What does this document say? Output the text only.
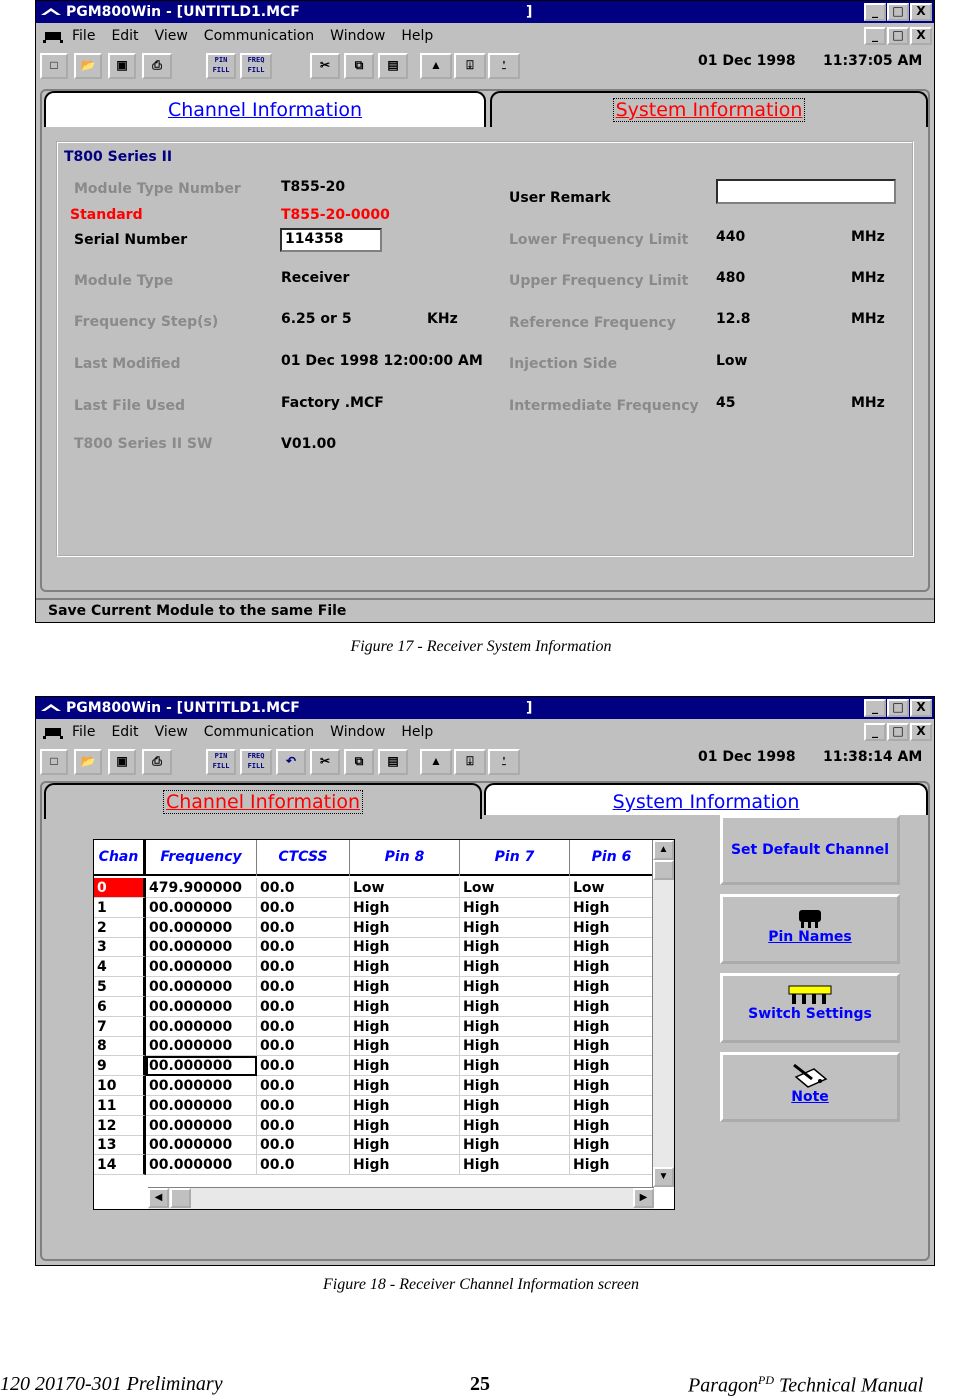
PGM800Win - [UNTITLD1.MCF	]	_	□	X
File Edit View Communication Window Help	_	□	X
□	📂	▣	⎙	PIN FILL
FREQ FILL	✂	⧉	▤	▲	⍗	⍘	01 Dec 1998 11:37:05 AM
Channel Information	System Information
T800 Series II
Module Type Number	T855-20
Standard	T855-20-0000
Serial Number	114358
Module Type	Receiver
Frequency Step(s)	6.25 or 5	KHz
Last Modified	01 Dec 1998 12:00:00 AM
Last File Used	Factory .MCF
T800 Series II SW	V01.00
User Remark
Lower Frequency Limit 440	MHz
Upper Frequency Limit 480	MHz
Reference Frequency	12.8	MHz
Injection Side	Low
Intermediate Frequency 45	MHz
Save Current Module to the same File
Figure 17 - Receiver System Information
PGM800Win - [UNTITLD1.MCF	]	_	□	X
File Edit View Communication Window Help	_	□	X
□	📂	▣	⎙	PIN FILL
FREQ FILL	↶	✂	⧉	▤	▲	⍗	⍘	01 Dec 1998 11:38:14 AM
Channel Information	System Information
Chan	Frequency	CTCSS	Pin 8	Pin 7	Pin 6
0	479.900000	00.0	Low	Low	Low
1	00.000000	00.0	High	High	High
2	00.000000	00.0	High	High	High
3	00.000000	00.0	High	High	High
4	00.000000	00.0	High	High	High
5	00.000000	00.0	High	High	High
6	00.000000	00.0	High	High	High
7	00.000000	00.0	High	High	High
8	00.000000	00.0	High	High	High
9	00.000000	00.0	High	High	High
10	00.000000	00.0	High	High	High
11	00.000000	00.0	High	High	High
12	00.000000	00.0	High	High	High
13	00.000000	00.0	High	High	High
14	00.000000	00.0	High	High	High
▲
▼
◀	▶
Set Default Channel
Pin Names
Switch Settings
Note
Figure 18 - Receiver Channel Information screen
120 20170-301 Preliminary	25	Paragon$^{PD}$ Technical Manual
